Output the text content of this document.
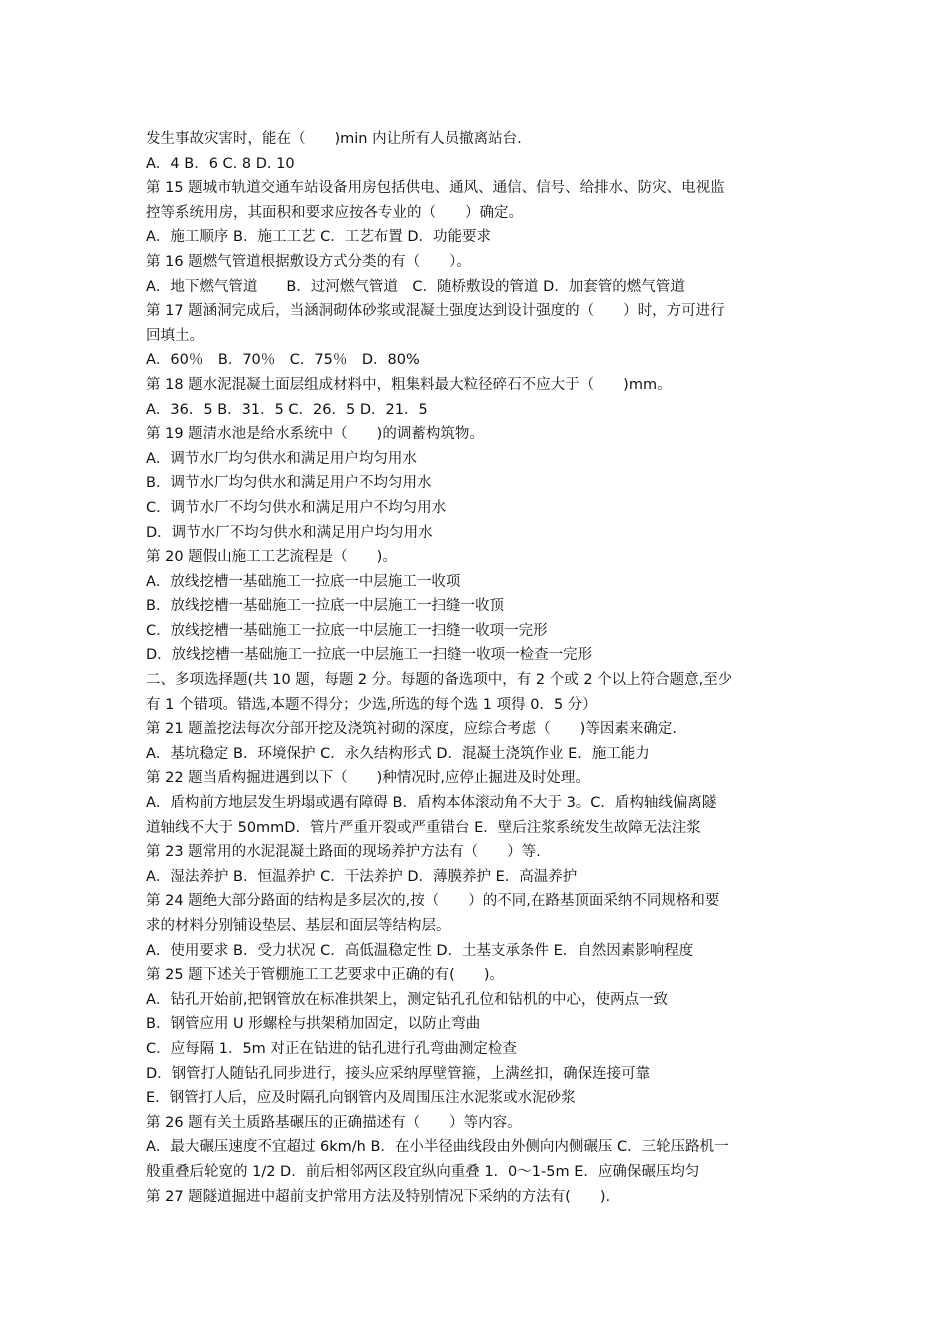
发生事故灾害时，能在（　　)min 内让所有人员撤离站台.
A．4 B．6 C. 8 D. 10
第 15 题城市轨道交通车站设备用房包括供电、通风、通信、信号、给排水、防灾、电视监
控等系统用房，其面积和要求应按各专业的（　　）确定。
A．施工顺序 B．施工工艺 C．工艺布置 D．功能要求
第 16 题燃气管道根据敷设方式分类的有（　　）。
A．地下燃气管道　　B．过河燃气管道　C．随桥敷设的管道 D．加套管的燃气管道
第 17 题涵洞完成后，当涵洞砌体砂浆或混凝土强度达到设计强度的（　　）时，方可进行
回填土。
A．60％　B．70％　C．75％　D．80%
第 18 题水泥混凝土面层组成材料中，粗集料最大粒径碎石不应大于（　　)mm。
A．36．5 B．31．5 C．26．5 D．21．5
第 19 题清水池是给水系统中（　　)的调蓄构筑物。
A．调节水厂均匀供水和满足用户均匀用水
B．调节水厂均匀供水和满足用户不均匀用水
C．调节水厂不均匀供水和满足用户不均匀用水
D．调节水厂不均匀供水和满足用户均匀用水
第 20 题假山施工工艺流程是（　　)。
A．放线挖槽一基础施工一拉底一中层施工一收项
B．放线挖槽一基础施工一拉底一中层施工一扫缝一收顶
C．放线挖槽一基础施工一拉底一中层施工一扫缝一收项一完形
D．放线挖槽一基础施工一拉底一中层施工一扫缝一收项一检查一完形
二、多项选择题(共 10 题，每题 2 分。每题的备选项中，有 2 个或 2 个以上符合题意,至少
有 1 个错项。错选,本题不得分；少选,所选的每个选 1 项得 0．5 分）
第 21 题盖挖法每次分部开挖及浇筑衬砌的深度，应综合考虑（　　)等因素来确定.
A．基坑稳定 B．环境保护 C．永久结构形式 D．混凝土浇筑作业 E．施工能力
第 22 题当盾构掘进遇到以下（　　)种情况时,应停止掘进及时处理。
A．盾构前方地层发生坍塌或遇有障碍 B．盾构本体滚动角不大于 3。C．盾构轴线偏离隧
道轴线不大于 50mmD．管片严重开裂或严重错台 E．壁后注浆系统发生故障无法注浆
第 23 题常用的水泥混凝土路面的现场养护方法有（　　）等.
A．湿法养护 B．恒温养护 C．干法养护 D．薄膜养护 E．高温养护
第 24 题绝大部分路面的结构是多层次的,按（　　）的不同,在路基顶面采纳不同规格和要
求的材料分别铺设垫层、基层和面层等结构层。
A．使用要求 B．受力状况 C．高低温稳定性 D．土基支承条件 E．自然因素影响程度
第 25 题下述关于管棚施工工艺要求中正确的有(　　)。
A．钻孔开始前,把钢管放在标准拱架上，测定钻孔孔位和钻机的中心，使两点一致
B．钢管应用 U 形螺栓与拱架稍加固定，以防止弯曲
C．应每隔 1．5m 对正在钻进的钻孔进行孔弯曲测定检查
D．钢管打人随钻孔同步进行，接头应采纳厚壁管箍，上满丝扣，确保连接可靠
E．钢管打人后，应及时隔孔向钢管内及周围压注水泥浆或水泥砂浆
第 26 题有关土质路基碾压的正确描述有（　　）等内容。
A．最大碾压速度不宜超过 6km/h B．在小半径曲线段由外侧向内侧碾压 C．三轮压路机一
般重叠后轮宽的 1/2 D．前后相邻两区段宜纵向重叠 1．0～1-5m E．应确保碾压均匀
第 27 题隧道掘进中超前支护常用方法及特别情况下采纳的方法有(　　).
